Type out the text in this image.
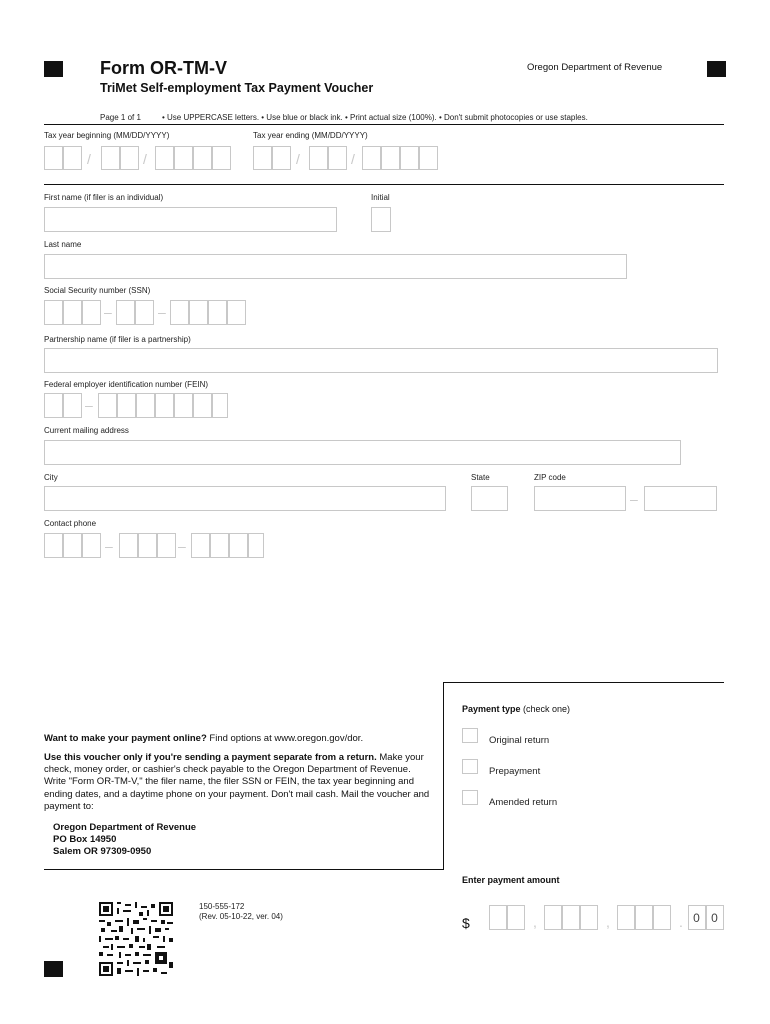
Form OR-TM-V
TriMet Self-employment Tax Payment Voucher
Oregon Department of Revenue
Page 1 of 1	• Use UPPERCASE letters. • Use blue or black ink. • Print actual size (100%). • Don't submit photocopies or use staples.
Tax year beginning (MM/DD/YYYY)	Tax year ending (MM/DD/YYYY)
/	/	/	/
First name (if filer is an individual)	Initial
Last name
Social Security number (SSN)
–	–
Partnership name (if filer is a partnership)
Federal employer identification number (FEIN)
–
Current mailing address
City	State	ZIP code
–
Contact phone
–	–
Want to make your payment online? Find options at www.oregon.gov/dor.
Use this voucher only if you're sending a payment separate from a return. Make your check, money order, or cashier's check payable to the Oregon Department of Revenue. Write "Form OR-TM-V," the filer name, the filer SSN or FEIN, the tax year beginning and ending dates, and a daytime phone on your payment. Don't mail cash. Mail the voucher and payment to:
Oregon Department of Revenue
PO Box 14950
Salem OR 97309-0950
Payment type (check one)
Original return
Prepayment
Amended return
Enter payment amount
$	,	,	. 0 0
150-555-172
(Rev. 05-10-22, ver. 04)
